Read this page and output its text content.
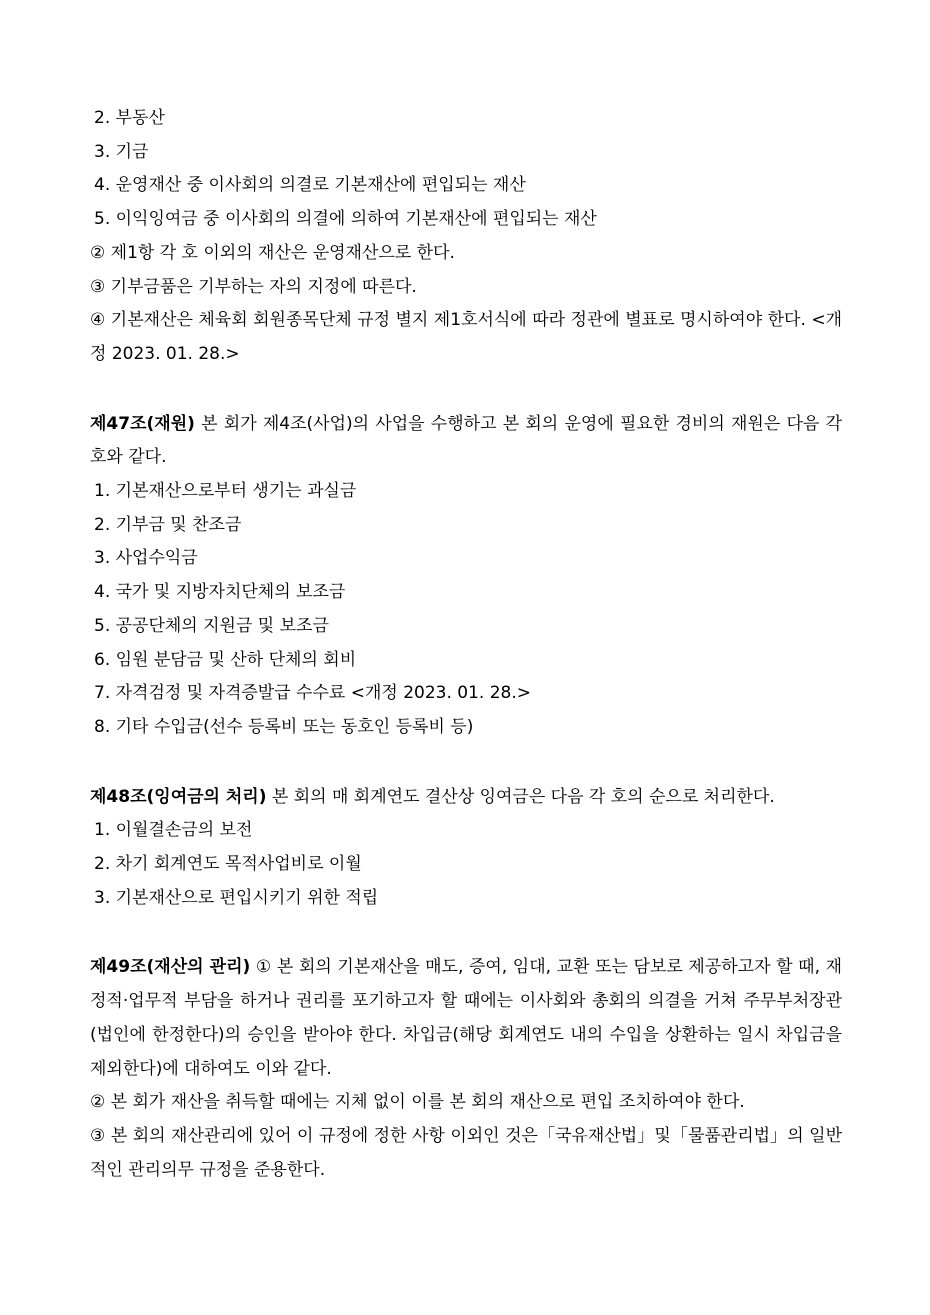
2. 부동산
3. 기금
4. 운영재산 중 이사회의 의결로 기본재산에 편입되는 재산
5. 이익잉여금 중 이사회의 의결에 의하여 기본재산에 편입되는 재산
② 제1항 각 호 이외의 재산은 운영재산으로 한다.
③ 기부금품은 기부하는 자의 지정에 따른다.
④ 기본재산은 체육회 회원종목단체 규정 별지 제1호서식에 따라 정관에 별표로 명시하여야 한다. <개정 2023. 01. 28.>
제47조(재원) 본 회가 제4조(사업)의 사업을 수행하고 본 회의 운영에 필요한 경비의 재원은 다음 각 호와 같다.
1. 기본재산으로부터 생기는 과실금
2. 기부금 및 찬조금
3. 사업수익금
4. 국가 및 지방자치단체의 보조금
5. 공공단체의 지원금 및 보조금
6. 임원 분담금 및 산하 단체의 회비
7. 자격검정 및 자격증발급 수수료 <개정 2023. 01. 28.>
8. 기타 수입금(선수 등록비 또는 동호인 등록비 등)
제48조(잉여금의 처리) 본 회의 매 회계연도 결산상 잉여금은 다음 각 호의 순으로 처리한다.
1. 이월결손금의 보전
2. 차기 회계연도 목적사업비로 이월
3. 기본재산으로 편입시키기 위한 적립
제49조(재산의 관리) ① 본 회의 기본재산을 매도, 증여, 임대, 교환 또는 담보로 제공하고자 할 때, 재정적·업무적 부담을 하거나 권리를 포기하고자 할 때에는 이사회와 총회의 의결을 거쳐 주무부처장관(법인에 한정한다)의 승인을 받아야 한다. 차입금(해당 회계연도 내의 수입을 상환하는 일시 차입금을 제외한다)에 대하여도 이와 같다.
② 본 회가 재산을 취득할 때에는 지체 없이 이를 본 회의 재산으로 편입 조치하여야 한다.
③ 본 회의 재산관리에 있어 이 규정에 정한 사항 이외인 것은「국유재산법」및「물품관리법」의 일반적인 관리의무 규정을 준용한다.
